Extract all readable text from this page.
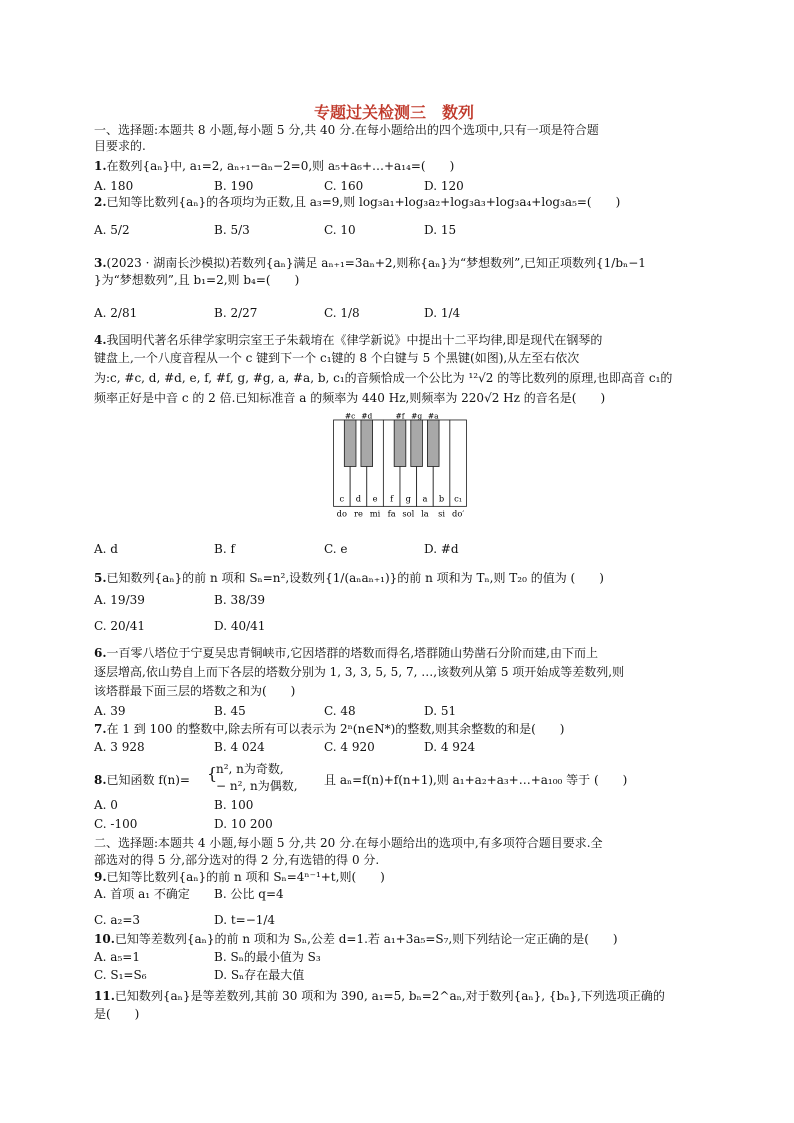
专题过关检测三　数列
一、选择题:本题共 8 小题,每小题 5 分,共 40 分.在每小题给出的四个选项中,只有一项是符合题
目要求的.
1.在数列{aₙ}中, a₁=2, aₙ₊₁−aₙ−2=0,则 a₅+a₆+…+a₁₄=(　　)
A. 180	B. 190	C. 160	D. 120
2.已知等比数列{aₙ}的各项均为正数,且 a₃=9,则 log₃a₁+log₃a₂+log₃a₃+log₃a₄+log₃a₅=(　　)
A. 5/2	B. 5/3	C. 10	D. 15
3.(2023 · 湖南长沙模拟)若数列{aₙ}满足 aₙ₊₁=3aₙ+2,则称{aₙ}为“梦想数列”,已知正项数列{1/bₙ−1
}为“梦想数列”,且 b₁=2,则 b₄=(　　)
A. 2/81	B. 2/27	C. 1/8	D. 1/4
4.我国明代著名乐律学家明宗室王子朱载堉在《律学新说》中提出十二平均律,即是现代在钢琴的
键盘上,一个八度音程从一个 c 键到下一个 c₁键的 8 个白键与 5 个黑键(如图),从左至右依次
为:c, #c, d, #d, e, f, #f, g, #g, a, #a, b, c₁的音频恰成一个公比为 ¹²√2 的等比数列的原理,也即高音 c₁的
频率正好是中音 c 的 2 倍.已知标准音 a 的频率为 440 Hz,则频率为 220√2 Hz 的音名是(　　)
A. d	B. f	C. e	D. #d
5.已知数列{aₙ}的前 n 项和 Sₙ=n²,设数列{1/(aₙaₙ₊₁)}的前 n 项和为 Tₙ,则 T₂₀ 的值为 (　　)
A. 19/39	B. 38/39
C. 20/41	D. 40/41
6.一百零八塔位于宁夏吴忠青铜峡市,它因塔群的塔数而得名,塔群随山势凿石分阶而建,由下而上
逐层增高,依山势自上而下各层的塔数分别为 1, 3, 3, 5, 5, 7, …,该数列从第 5 项开始成等差数列,则
该塔群最下面三层的塔数之和为(　　)
A. 39	B. 45	C. 48	D. 51
7.在 1 到 100 的整数中,除去所有可以表示为 2ⁿ(n∈N*)的整数,则其余整数的和是(　　)
A. 3 928	B. 4 024	C. 4 920	D. 4 924
8.已知函数 f(n)= {
n², n为奇数,
− n², n为偶数, 且 aₙ=f(n)+f(n+1),则 a₁+a₂+a₃+…+a₁₀₀ 等于 (　　)
A. 0	B. 100
C. -100	D. 10 200
二、选择题:本题共 4 小题,每小题 5 分,共 20 分.在每小题给出的选项中,有多项符合题目要求.全
部选对的得 5 分,部分选对的得 2 分,有选错的得 0 分.
9.已知等比数列{aₙ}的前 n 项和 Sₙ=4ⁿ⁻¹+t,则(　　)
A. 首项 a₁ 不确定 B. 公比 q=4
C. a₂=3	D. t=−1/4
10.已知等差数列{aₙ}的前 n 项和为 Sₙ,公差 d=1.若 a₁+3a₅=S₇,则下列结论一定正确的是(　　)
A. a₅=1	B. Sₙ的最小值为 S₃
C. S₁=S₆	D. Sₙ存在最大值
11.已知数列{aₙ}是等差数列,其前 30 项和为 390, a₁=5, bₙ=2^aₙ,对于数列{aₙ}, {bₙ},下列选项正确的
是(　　)
c d e f g a b c₁
#c #d	#f #g #a
do re mi fa sol la si do′
